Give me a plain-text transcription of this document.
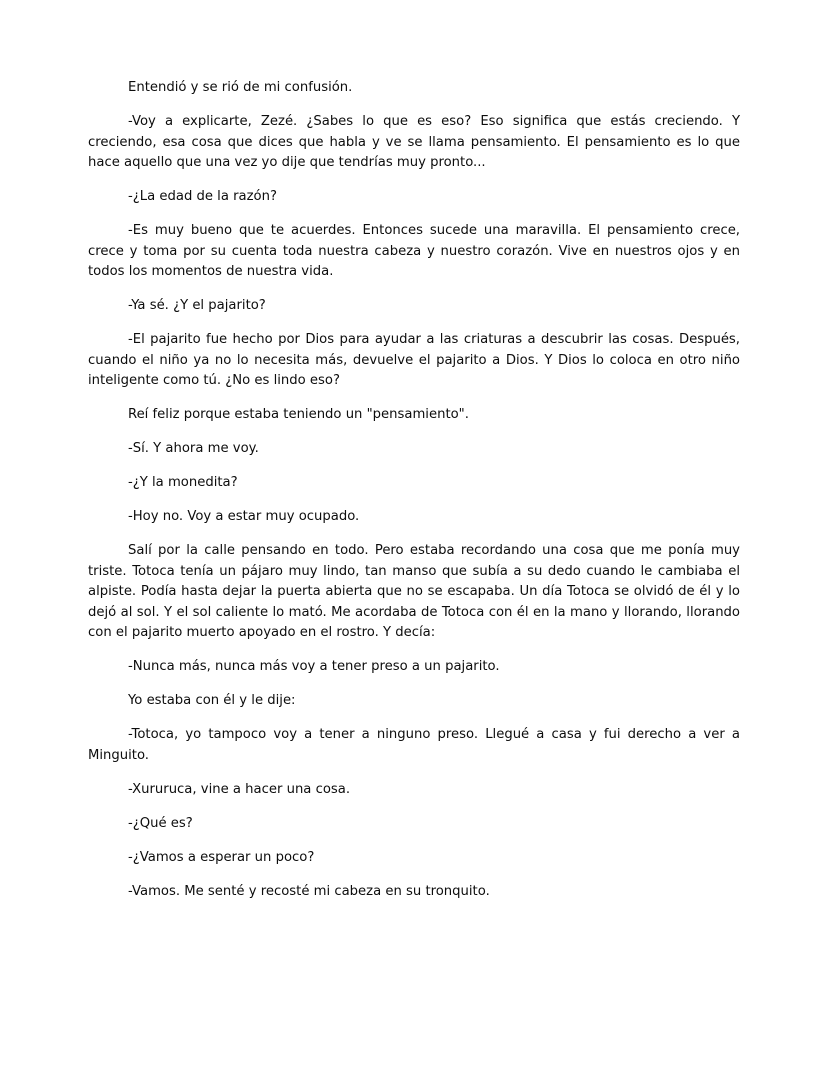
Entendió y se rió de mi confusión.

-Voy a explicarte, Zezé. ¿Sabes lo que es eso? Eso significa que estás creciendo. Y creciendo, esa cosa que dices que habla y ve se llama pensamiento. El pensamiento es lo que hace aquello que una vez yo dije que tendrías muy pronto...

-¿La edad de la razón?

-Es muy bueno que te acuerdes. Entonces sucede una maravilla. El pensamiento crece, crece y toma por su cuenta toda nuestra cabeza y nuestro corazón. Vive en nuestros ojos y en todos los momentos de nuestra vida.

-Ya sé. ¿Y el pajarito?

-El pajarito fue hecho por Dios para ayudar a las criaturas a descubrir las cosas. Después, cuando el niño ya no lo necesita más, devuelve el pajarito a Dios. Y Dios lo coloca en otro niño inteligente como tú. ¿No es lindo eso?

Reí feliz porque estaba teniendo un "pensamiento".

-Sí. Y ahora me voy.

-¿Y la monedita?

-Hoy no. Voy a estar muy ocupado.

Salí por la calle pensando en todo. Pero estaba recordando una cosa que me ponía muy triste. Totoca tenía un pájaro muy lindo, tan manso que subía a su dedo cuando le cambiaba el alpiste. Podía hasta dejar la puerta abierta que no se escapaba. Un día Totoca se olvidó de él y lo dejó al sol. Y el sol caliente lo mató. Me acordaba de Totoca con él en la mano y llorando, llorando con el pajarito muerto apoyado en el rostro. Y decía:

-Nunca más, nunca más voy a tener preso a un pajarito.

Yo estaba con él y le dije:

-Totoca, yo tampoco voy a tener a ninguno preso. Llegué a casa y fui derecho a ver a Minguito.

-Xururuca, vine a hacer una cosa.

-¿Qué es?

-¿Vamos a esperar un poco?

-Vamos. Me senté y recosté mi cabeza en su tronquito.
